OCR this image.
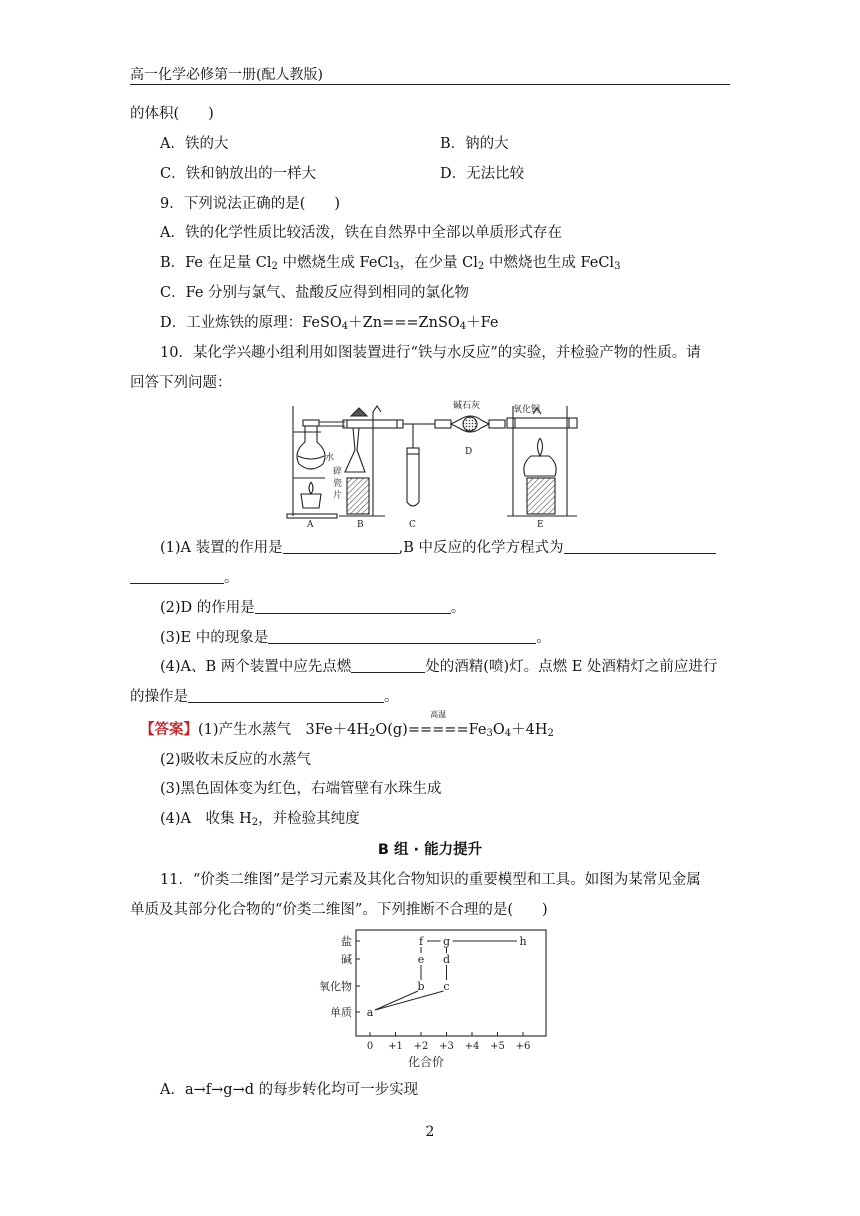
高一化学必修第一册(配人教版)
的体积(　　)
A．铁的大	B．钠的大
C．铁和钠放出的一样大	D．无法比较
9．下列说法正确的是(　　)
A．铁的化学性质比较活泼，铁在自然界中全部以单质形式存在
B．Fe 在足量 $Cl_2$ 中燃烧生成 FeCl$_3$，在少量 $Cl_2$ 中燃烧也生成 FeCl$_3$
C．Fe 分别与氯气、盐酸反应得到相同的氯化物
D．工业炼铁的原理：FeSO$_4$＋Zn===ZnSO$_4$＋Fe
10．某化学兴趣小组利用如图装置进行“铁与水反应”的实验，并检验产物的性质。请
回答下列问题：
A	B	C
D
E
水
碎
瓷
片
碱石灰	氧化铜
(1)A 装置的作用是	,B 中反应的化学方程式为
。
(2)D 的作用是	。
(3)E 中的现象是	。
(4)A、B 两个装置中应先点燃	处的酒精(喷)灯。点燃 E 处酒精灯之前应进行
的操作是	。
【答案】(1)产生水蒸气　$3Fe+4H_2O(g)$
高温
$=====Fe_3O_4+4H_2$
(2)吸收未反应的水蒸气
(3)黑色固体变为红色，右端管壁有水珠生成
(4)A　收集 $H_2$，并检验其纯度
B 组 · 能力提升
11．“价类二维图”是学习元素及其化合物知识的重要模型和工具。如图为某常见金属
单质及其部分化合物的“价类二维图”。下列推断不合理的是(　　)
0 +1 +2 +3 +4 +5 +6
单质
氧化物
碱
盐
a
b c
e d
f g	h
化合价
A．a→f→g→d 的每步转化均可一步实现
2
